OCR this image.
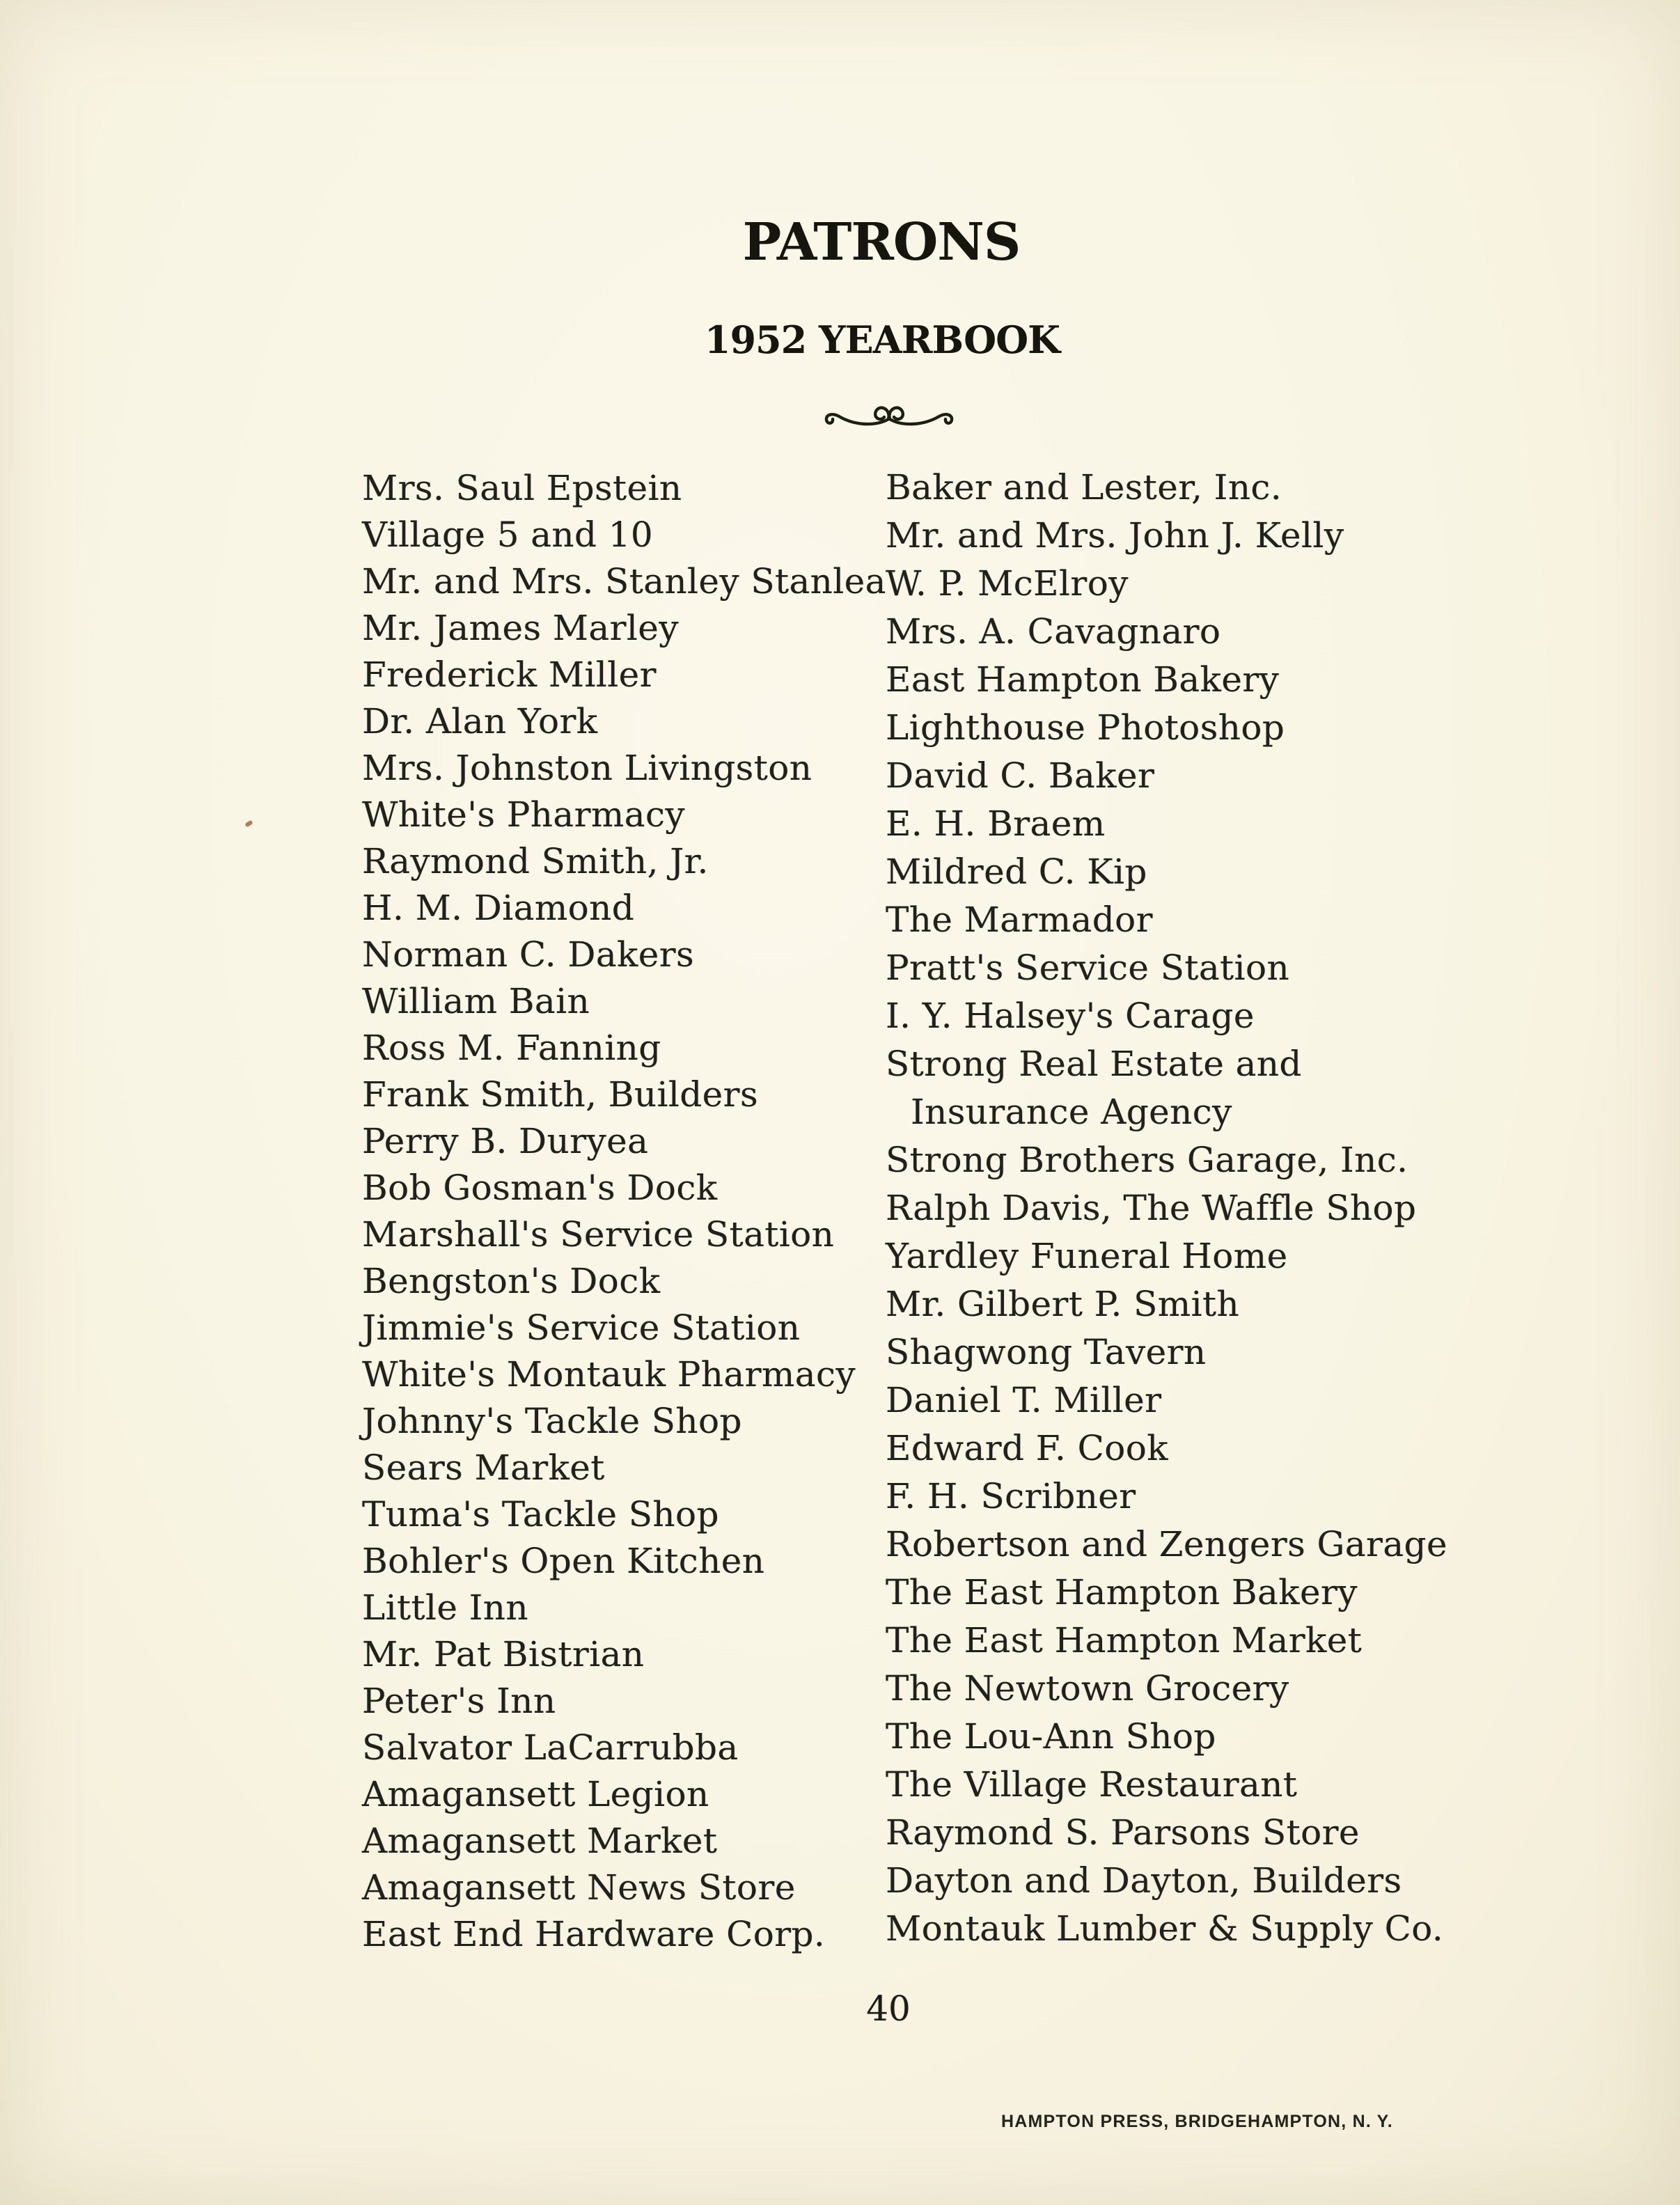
PATRONS
1952 YEARBOOK
Mrs. Saul Epstein
Village 5 and 10
Mr. and Mrs. Stanley Stanlea
Mr. James Marley
Frederick Miller
Dr. Alan York
Mrs. Johnston Livingston
White's Pharmacy
Raymond Smith, Jr.
H. M. Diamond
Norman C. Dakers
William Bain
Ross M. Fanning
Frank Smith, Builders
Perry B. Duryea
Bob Gosman's Dock
Marshall's Service Station
Bengston's Dock
Jimmie's Service Station
White's Montauk Pharmacy
Johnny's Tackle Shop
Sears Market
Tuma's Tackle Shop
Bohler's Open Kitchen
Little Inn
Mr. Pat Bistrian
Peter's Inn
Salvator LaCarrubba
Amagansett Legion
Amagansett Market
Amagansett News Store
East End Hardware Corp.
Baker and Lester, Inc.
Mr. and Mrs. John J. Kelly
W. P. McElroy
Mrs. A. Cavagnaro
East Hampton Bakery
Lighthouse Photoshop
David C. Baker
E. H. Braem
Mildred C. Kip
The Marmador
Pratt's Service Station
I. Y. Halsey's Carage
Strong Real Estate and
Insurance Agency
Strong Brothers Garage, Inc.
Ralph Davis, The Waffle Shop
Yardley Funeral Home
Mr. Gilbert P. Smith
Shagwong Tavern
Daniel T. Miller
Edward F. Cook
F. H. Scribner
Robertson and Zengers Garage
The East Hampton Bakery
The East Hampton Market
The Newtown Grocery
The Lou-Ann Shop
The Village Restaurant
Raymond S. Parsons Store
Dayton and Dayton, Builders
Montauk Lumber & Supply Co.
40
HAMPTON PRESS, BRIDGEHAMPTON, N. Y.
